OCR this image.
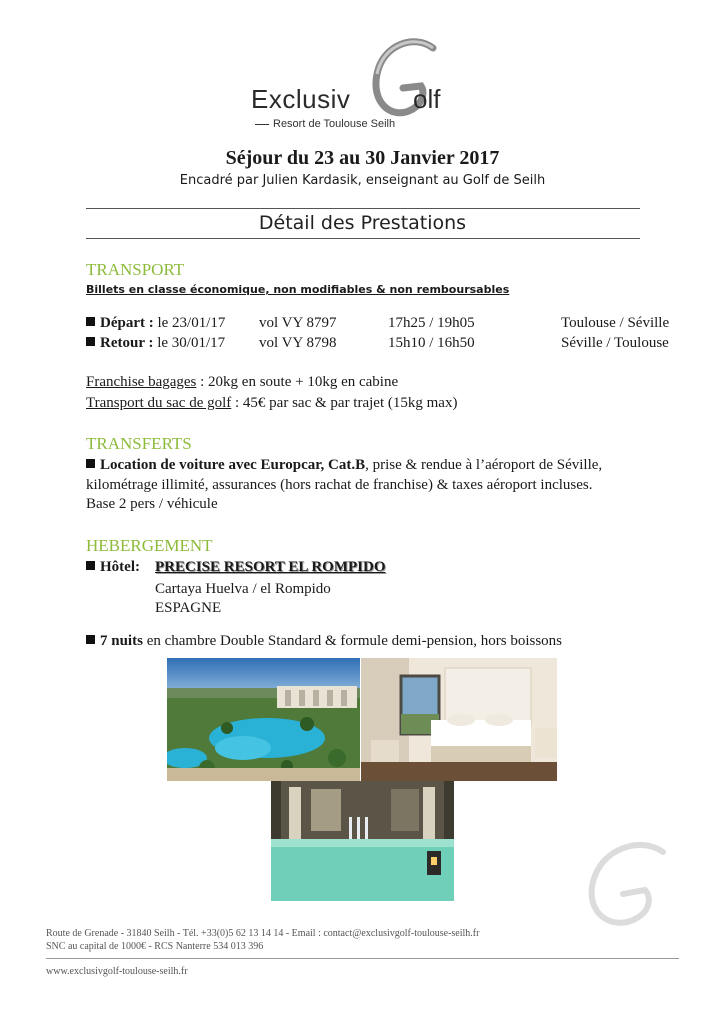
Exclusiv olf
Resort de Toulouse Seilh
Séjour du 23 au 30 Janvier 2017
Encadré par Julien Kardasik, enseignant au Golf de Seilh
Détail des Prestations
TRANSPORT
Billets en classe économique, non modifiables & non remboursables
Départ : le 23/01/17 vol VY 8797	17h25 / 19h05	Toulouse / Séville
Retour : le 30/01/17 vol VY 8798	15h10 / 16h50	Séville / Toulouse
Franchise bagages : 20kg en soute + 10kg en cabine
Transport du sac de golf : 45€ par sac & par trajet (15kg max)
TRANSFERTS
Location de voiture avec Europcar, Cat.B, prise & rendue à l’aéroport de Séville,
kilométrage illimité, assurances (hors rachat de franchise) & taxes aéroport incluses.
Base 2 pers / véhicule
HEBERGEMENT
Hôtel: PRECISE RESORT EL ROMPIDO
Cartaya Huelva / el Rompido
ESPAGNE
7 nuits en chambre Double Standard & formule demi-pension, hors boissons
Route de Grenade - 31840 Seilh - Tél. +33(0)5 62 13 14 14 - Email : contact@exclusivgolf-toulouse-seilh.fr
SNC au capital de 1000€ - RCS Nanterre 534 013 396
www.exclusivgolf-toulouse-seilh.fr
